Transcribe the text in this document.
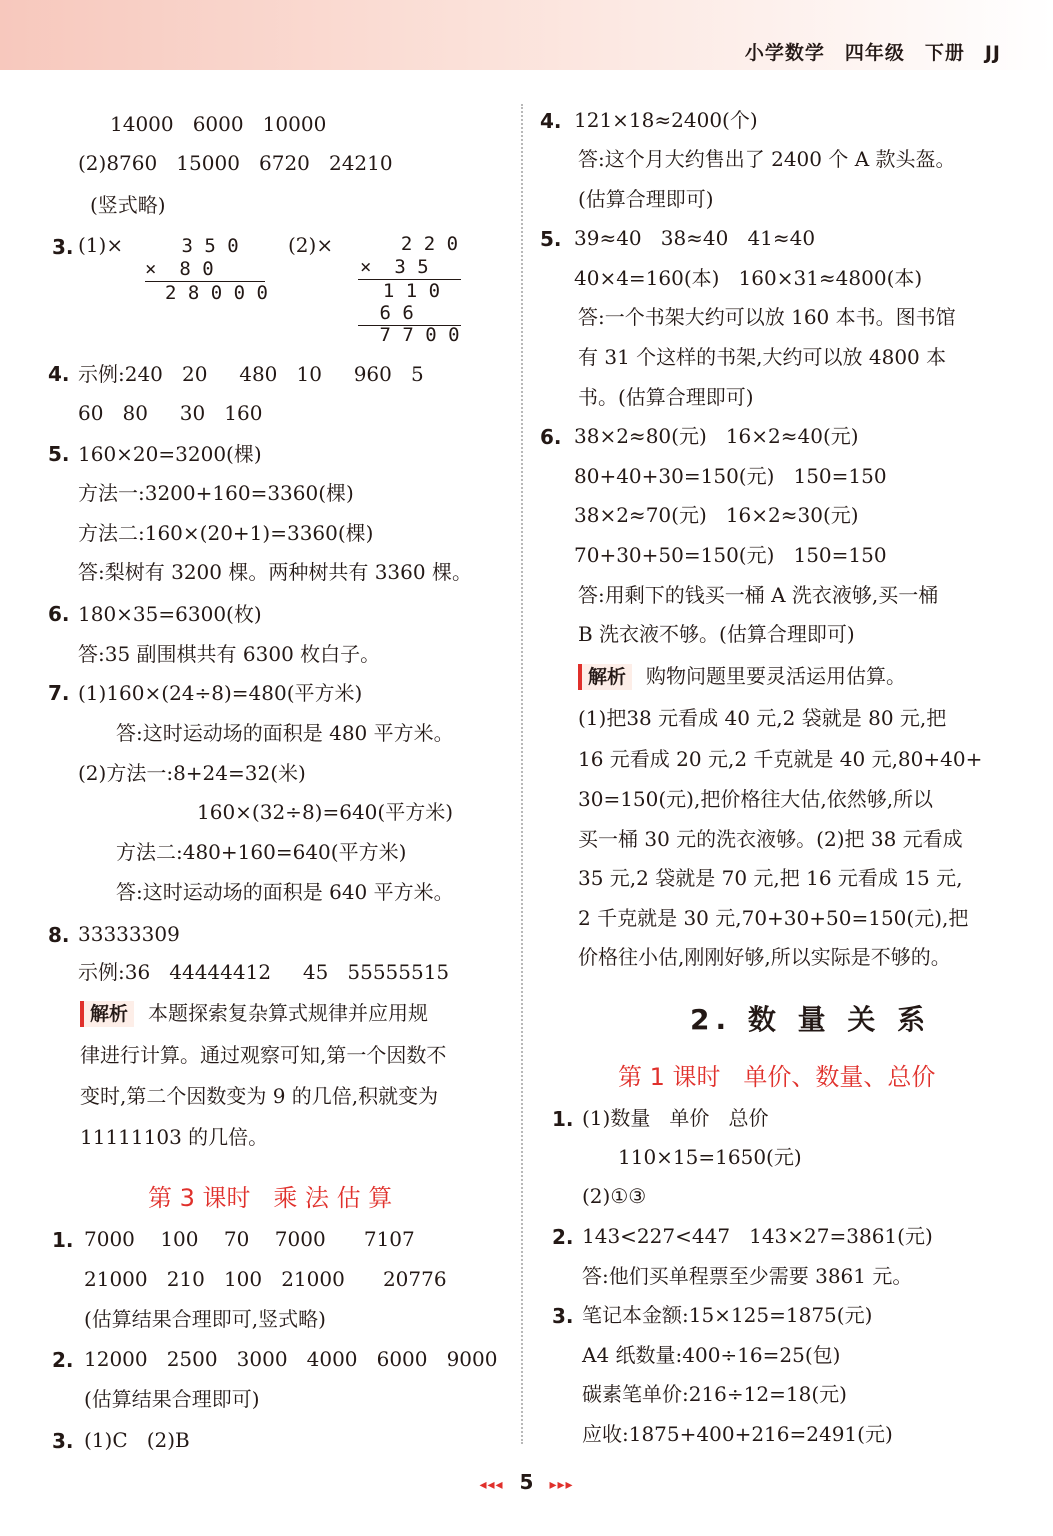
小学数学 四年级 下册 JJ
14000   6000   10000
(2)8760   15000   6720   24210
(竖式略)
3. (1)× 3 5 0
×  8 0
2 8 0 0 0
(2)× 2 2 0
×  3 5
1 1 0
6 6
7 7 0 0
4. 示例:240   20     480   10     960   5
60   80     30   160
5. 160×20=3200(棵)
方法一:3200+160=3360(棵)
方法二:160×(20+1)=3360(棵)
答:梨树有 3200 棵。两种树共有 3360 棵。
6. 180×35=6300(枚)
答:35 副围棋共有 6300 枚白子。
7. (1)160×(24÷8)=480(平方米)
答:这时运动场的面积是 480 平方米。
(2)方法一:8+24=32(米)
160×(32÷8)=640(平方米)
方法二:480+160=640(平方米)
答:这时运动场的面积是 640 平方米。
8. 33333309
示例:36   44444412     45   55555515
解析 本题探索复杂算式规律并应用规
律进行计算。通过观察可知,第一个因数不
变时,第二个因数变为 9 的几倍,积就变为
11111103 的几倍。
第 3 课时   乘 法 估 算
1. 7000    100    70    7000      7107
21000   210   100   21000      20776
(估算结果合理即可,竖式略)
2. 12000   2500   3000   4000   6000   9000
(估算结果合理即可)
3. (1)C   (2)B
4. 121×18≈2400(个)
答:这个月大约售出了 2400 个 A 款头盔。
(估算合理即可)
5. 39≈40   38≈40   41≈40
40×4=160(本)   160×31≈4800(本)
答:一个书架大约可以放 160 本书。图书馆
有 31 个这样的书架,大约可以放 4800 本
书。(估算合理即可)
6. 38×2≈80(元)   16×2≈40(元)
80+40+30=150(元)   150=150
38×2≈70(元)   16×2≈30(元)
70+30+50=150(元)   150=150
答:用剩下的钱买一桶 A 洗衣液够,买一桶
B 洗衣液不够。(估算合理即可)
解析 购物问题里要灵活运用估算。
(1)把38 元看成 40 元,2 袋就是 80 元,把
16 元看成 20 元,2 千克就是 40 元,80+40+
30=150(元),把价格往大估,依然够,所以
买一桶 30 元的洗衣液够。(2)把 38 元看成
35 元,2 袋就是 70 元,把 16 元看成 15 元,
2 千克就是 30 元,70+30+50=150(元),把
价格往小估,刚刚好够,所以实际是不够的。
2. 数 量 关 系
第 1 课时   单价、数量、总价
1. (1)数量   单价   总价
110×15=1650(元)
(2)①③
2. 143<227<447   143×27=3861(元)
答:他们买单程票至少需要 3861 元。
3. 笔记本金额:15×125=1875(元)
A4 纸数量:400÷16=25(包)
碳素笔单价:216÷12=18(元)
应收:1875+400+216=2491(元)
◂◂◂ 5 ▸▸▸
